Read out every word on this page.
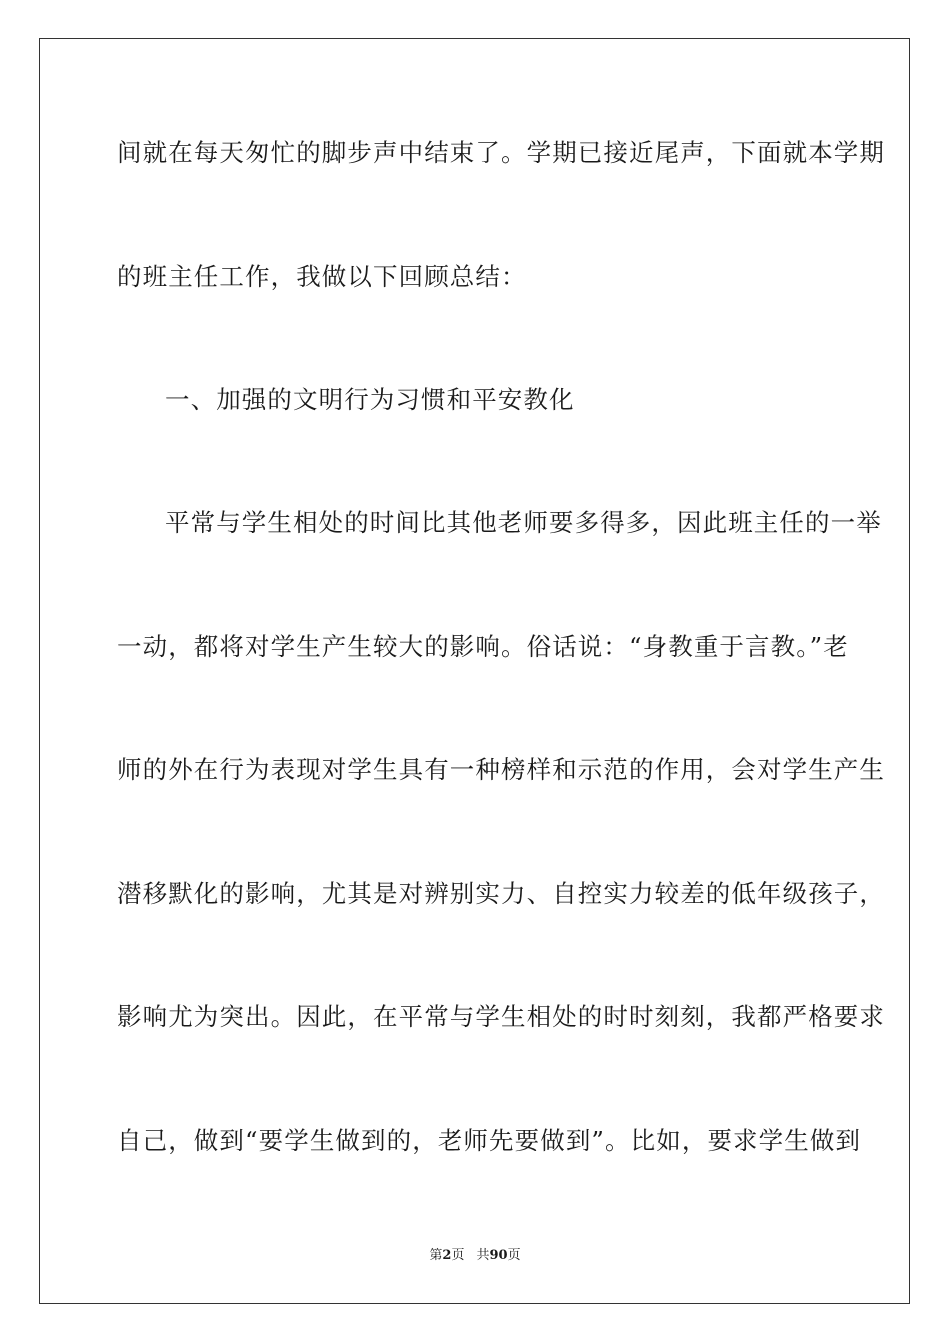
间就在每天匆忙的脚步声中结束了。学期已接近尾声，下面就本学期
的班主任工作，我做以下回顾总结：
一、加强的文明行为习惯和平安教化
平常与学生相处的时间比其他老师要多得多，因此班主任的一举
一动，都将对学生产生较大的影响。俗话说：“身教重于言教。”老
师的外在行为表现对学生具有一种榜样和示范的作用，会对学生产生
潜移默化的影响，尤其是对辨别实力、自控实力较差的低年级孩子，
影响尤为突出。因此，在平常与学生相处的时时刻刻，我都严格要求
自己，做到“要学生做到的，老师先要做到”。比如，要求学生做到
第2页 共90页
